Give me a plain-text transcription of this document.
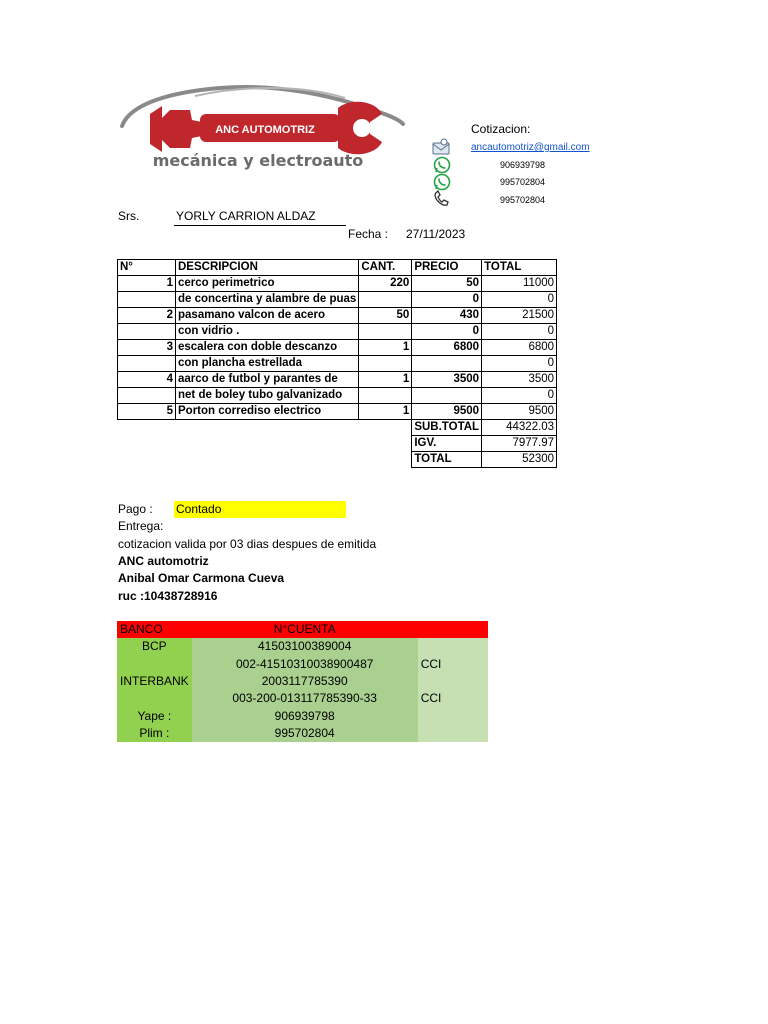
ANC AUTOMOTRIZ
mecánica y electroauto
Cotizacion:
ancautomotriz@gmail.com
906939798
995702804
995702804
Srs.	YORLY CARRION ALDAZ
Fecha : 27/11/2023
N°	DESCRIPCION	CANT.	PRECIO	TOTAL
1	cerco perimetrico	220	50	11000
	de concertina y alambre de puas		0	0
2	pasamano valcon de acero	50	430	21500
	con vidrio .		0	0
3	escalera con doble descanzo	1	6800	6800
	con plancha estrellada			0
4	aarco de futbol y parantes de	1	3500	3500
	net de boley tubo galvanizado			0
5	Porton corrediso electrico	1	9500	9500
			SUB.TOTAL	44322.03
			IGV.	7977.97
			TOTAL	52300
Pago : Contado
Entrega:
cotizacion valida por 03 dias despues de emitida
ANC automotriz
Anibal Omar Carmona Cueva
ruc :10438728916
BANCO	N°CUENTA	
BCP	41503100389004	
	002-41510310038900487	CCI
INTERBANK	2003117785390	
	003-200-013117785390-33	CCI
Yape :	906939798	
Plim :	995702804	
